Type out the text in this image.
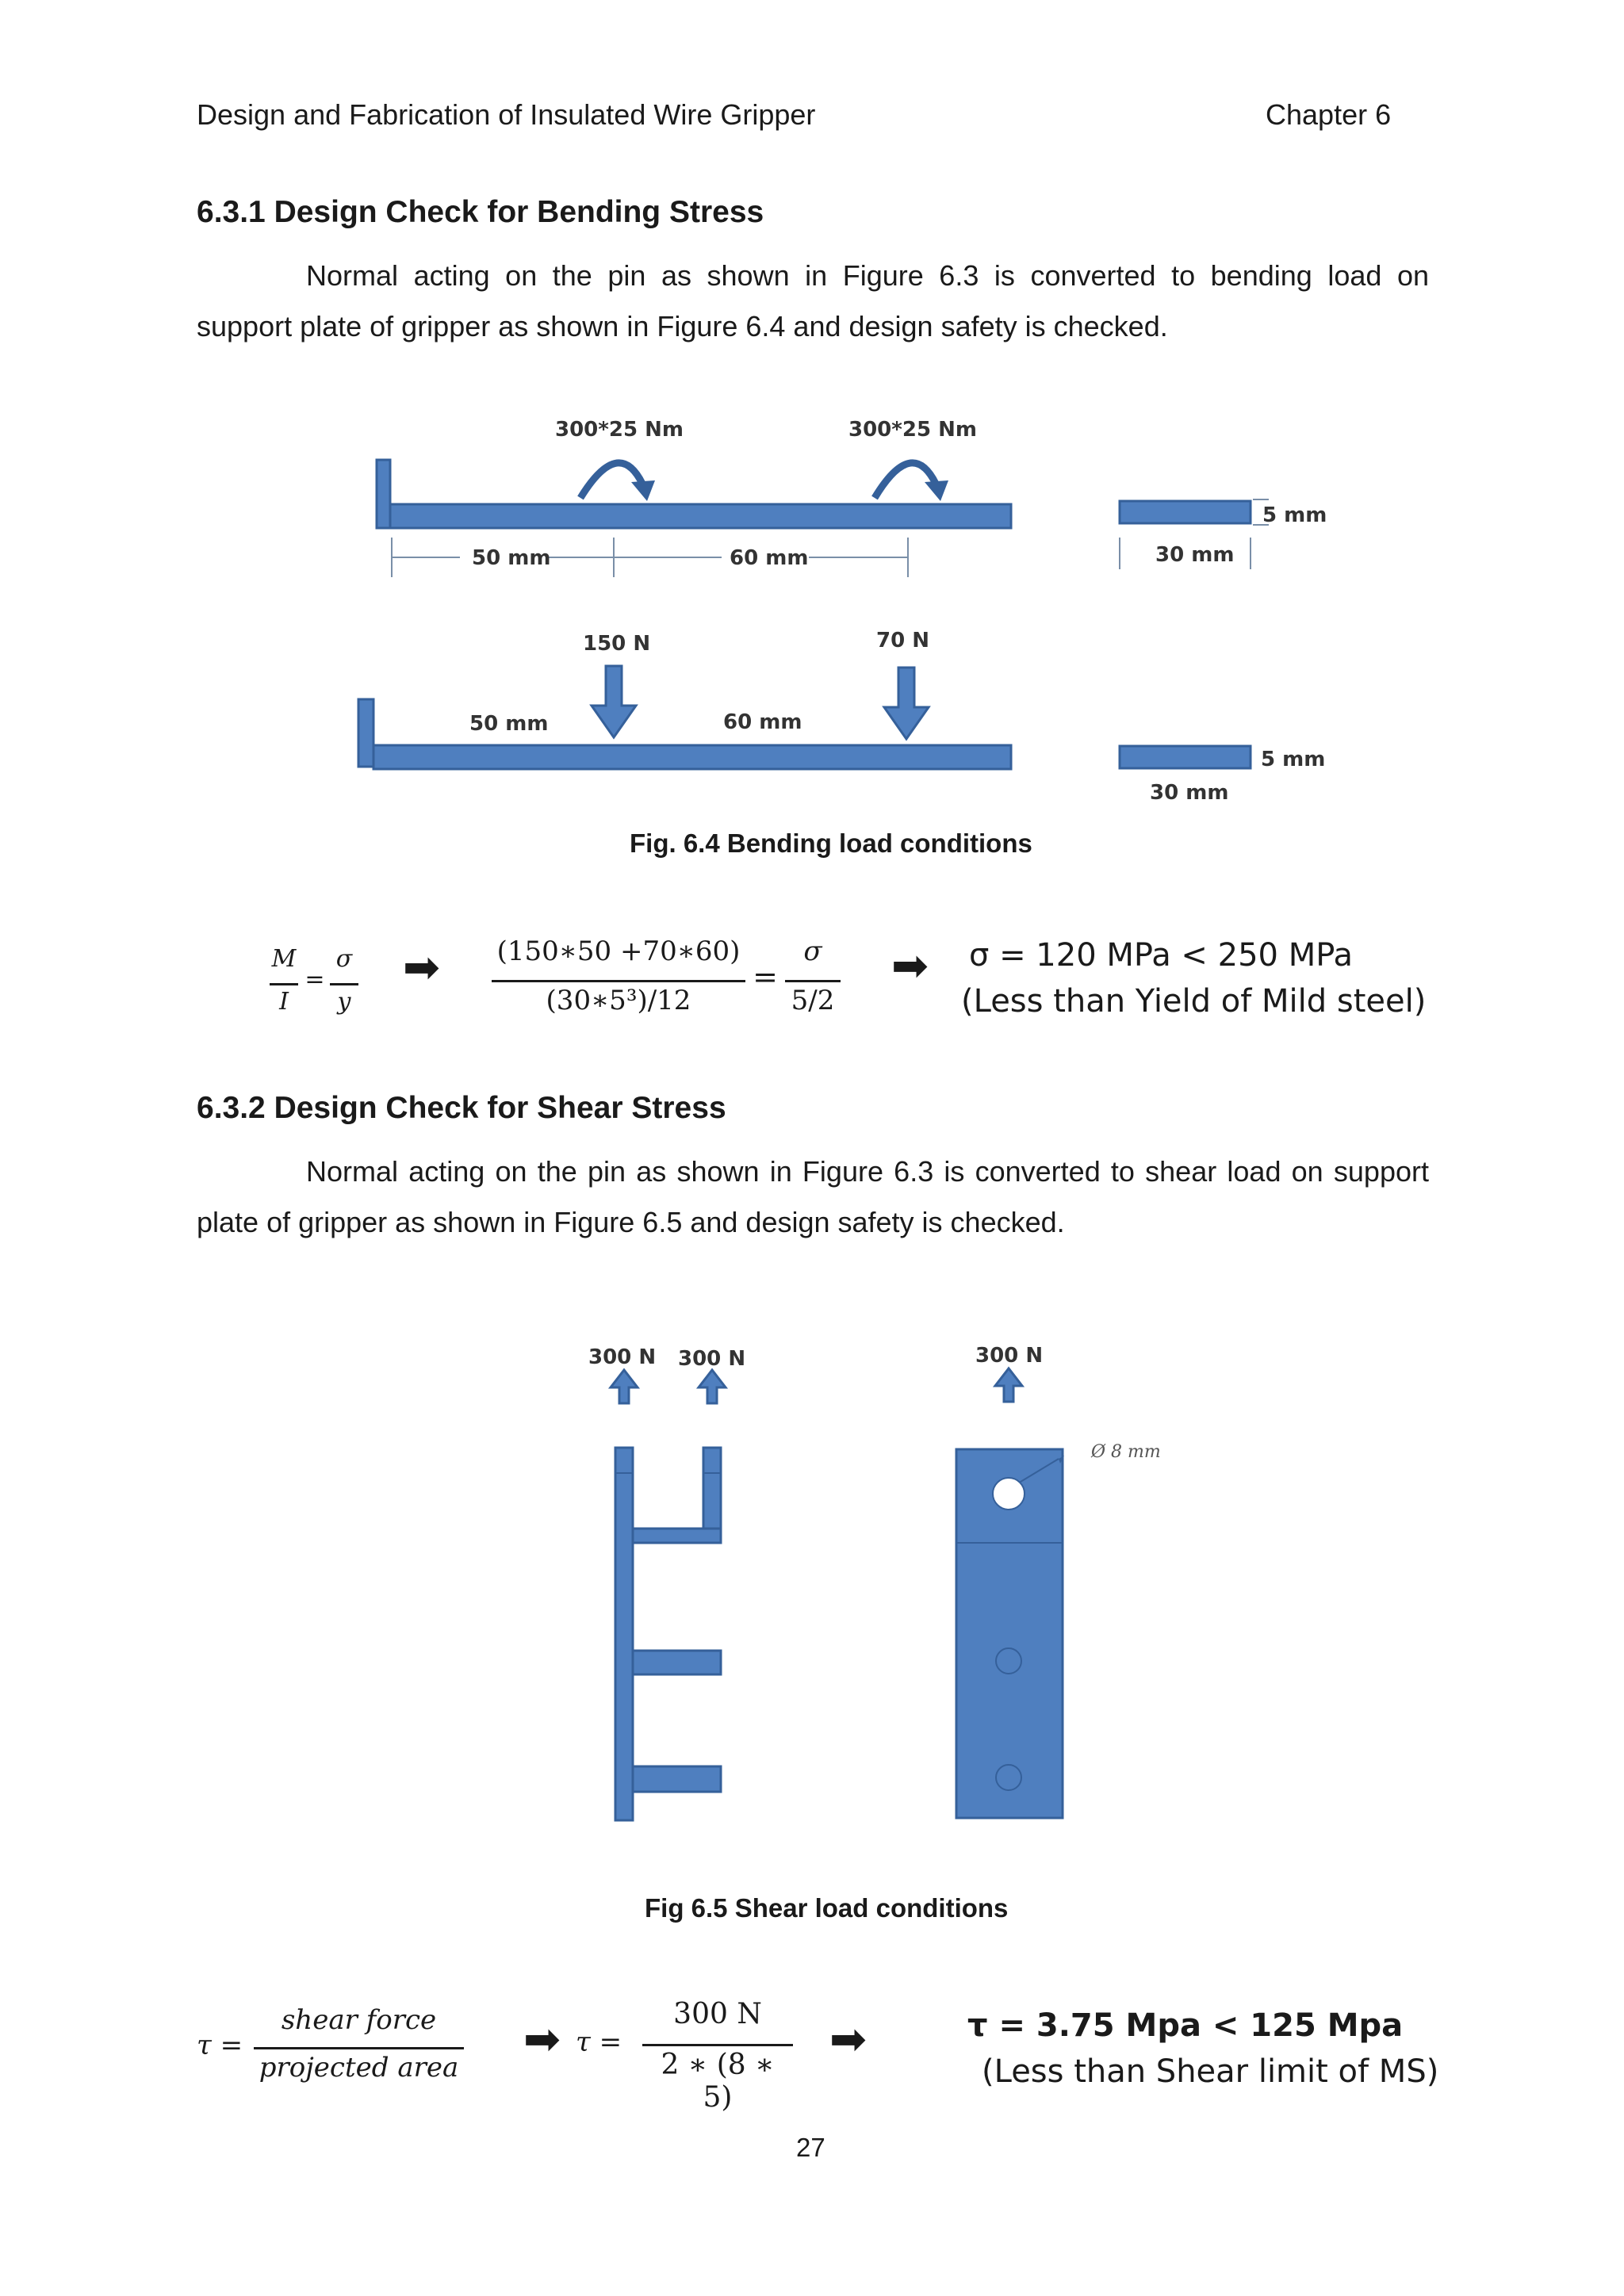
Design and Fabrication of Insulated Wire Gripper	Chapter 6
6.3.1 Design Check for Bending Stress
Normal acting on the pin as shown in Figure 6.3 is converted to bending load on
support plate of gripper as shown in Figure 6.4 and design safety is checked.
300*25 Nm	300*25 Nm
50 mm	60 mm
5 mm
30 mm
150 N	70 N
50 mm	60 mm
5 mm
30 mm
Fig. 6.4 Bending load conditions
M
I
=
σ
y
➡ (150∗50 +70∗60)
(30∗5³)/12
=
σ
5/2
➡ σ = 120 MPa < 250 MPa
(Less than Yield of Mild steel)
6.3.2 Design Check for Shear Stress
Normal acting on the pin as shown in Figure 6.3 is converted to shear load on support
plate of gripper as shown in Figure 6.5 and design safety is checked.
300 N 300 N	300 N
Ø 8 mm
Fig 6.5 Shear load conditions
τ =
shear force
projected area
➡ τ =
300 N
2 ∗ (8 ∗ 5)
➡	τ = 3.75 Mpa < 125 Mpa
(Less than Shear limit of MS)
27
